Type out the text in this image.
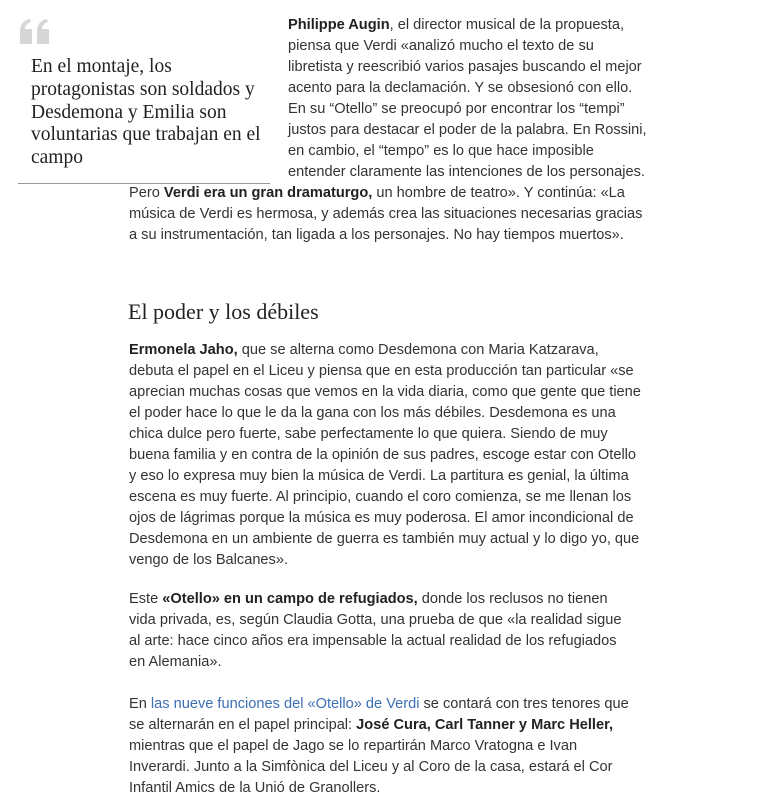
En el montaje, los protagonistas son soldados y Desdemona y Emilia son voluntarias que trabajan en el campo

Philippe Augin, el director musical de la propuesta, piensa que Verdi «analizó mucho el texto de su libretista y reescribió varios pasajes buscando el mejor acento para la declamación. Y se obsesionó con ello. En su “Otello” se preocupó por encontrar los “tempi” justos para destacar el poder de la palabra. En Rossini, en cambio, el “tempo” es lo que hace imposible entender claramente las intenciones de los personajes. Pero Verdi era un gran dramaturgo, un hombre de teatro». Y continúa: «La música de Verdi es hermosa, y además crea las situaciones necesarias gracias a su instrumentación, tan ligada a los personajes. No hay tiempos muertos».

El poder y los débiles

Ermonela Jaho, que se alterna como Desdemona con Maria Katzarava, debuta el papel en el Liceu y piensa que en esta producción tan particular «se aprecian muchas cosas que vemos en la vida diaria, como que gente que tiene el poder hace lo que le da la gana con los más débiles. Desdemona es una chica dulce pero fuerte, sabe perfectamente lo que quiera. Siendo de muy buena familia y en contra de la opinión de sus padres, escoge estar con Otello y eso lo expresa muy bien la música de Verdi. La partitura es genial, la última escena es muy fuerte. Al principio, cuando el coro comienza, se me llenan los ojos de lágrimas porque la música es muy poderosa. El amor incondicional de Desdemona en un ambiente de guerra es también muy actual y lo digo yo, que vengo de los Balcanes».

Este «Otello» en un campo de refugiados, donde los reclusos no tienen vida privada, es, según Claudia Gotta, una prueba de que «la realidad sigue al arte: hace cinco años era impensable la actual realidad de los refugiados en Alemania».

En las nueve funciones del «Otello» de Verdi se contará con tres tenores que se alternarán en el papel principal: José Cura, Carl Tanner y Marc Heller, mientras que el papel de Jago se lo repartirán Marco Vratogna e Ivan Inverardi. Junto a la Simfònica del Liceu y al Coro de la casa, estará el Cor Infantil Amics de la Unió de Granollers.
